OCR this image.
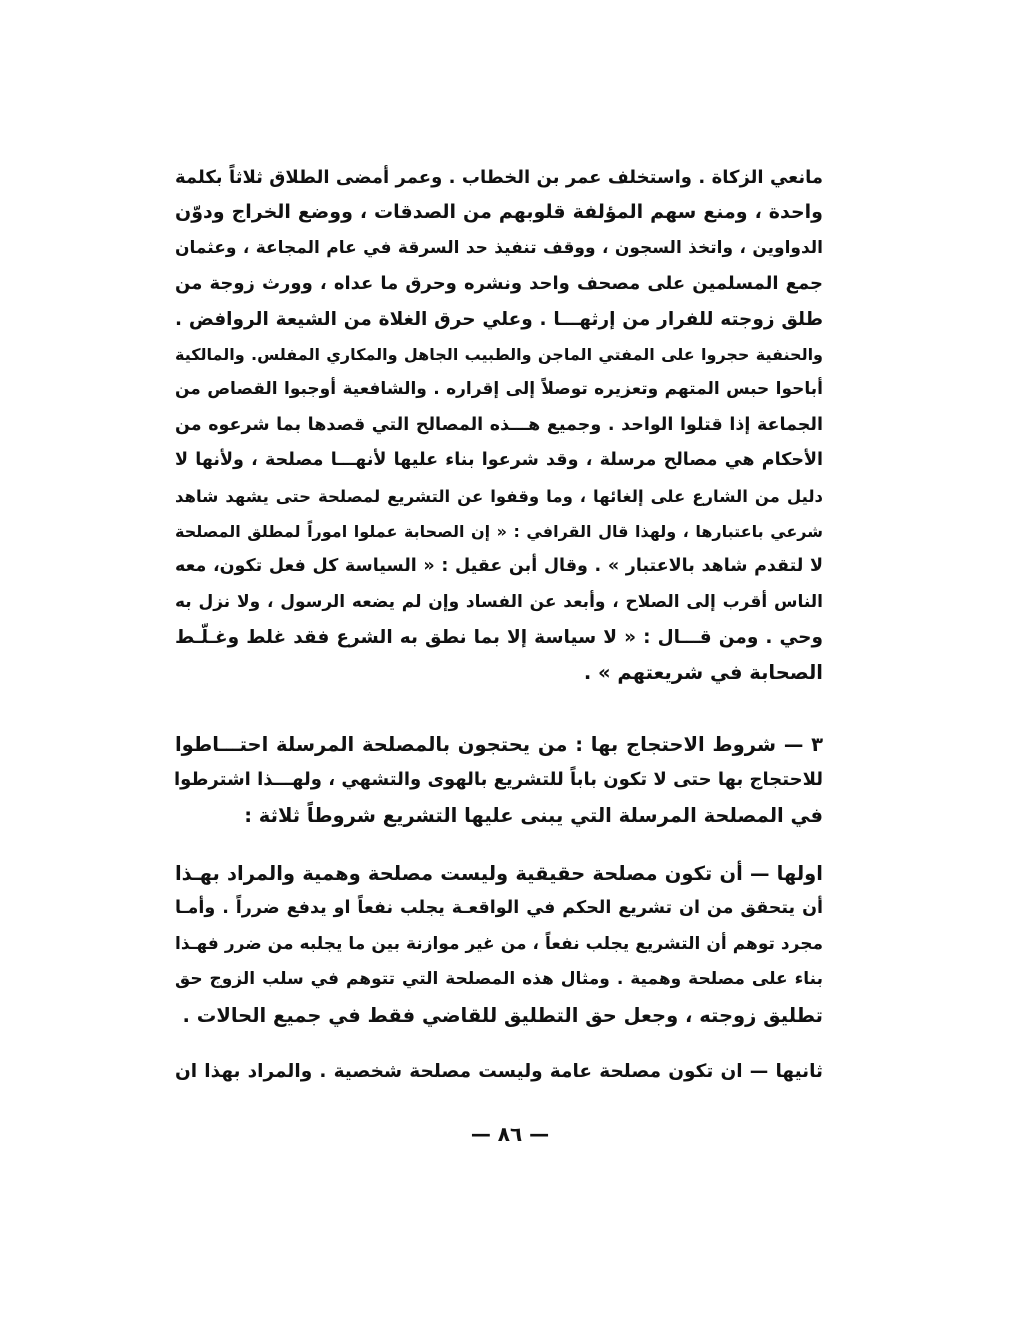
مانعي الزكاة . واستخلف عمر بن الخطاب . وعمر أمضى الطلاق ثلاثاً بكلمة
واحدة ، ومنع سهم المؤلفة قلوبهم من الصدقات ، ووضع الخراج ودوّن
الدواوين ، واتخذ السجون ، ووقف تنفيذ حد السرقة في عام المجاعة ، وعثمان
جمع المسلمين على مصحف واحد ونشره وحرق ما عداه ، وورث زوجة من
طلق زوجته للفرار من إرثهـــا . وعلي حرق الغلاة من الشيعة الروافض .
والحنفية حجروا على المفتي الماجن والطبيب الجاهل والمكاري المفلس. والمالكية
أباحوا حبس المتهم وتعزيره توصلاً إلى إقراره . والشافعية أوجبوا القصاص من
الجماعة إذا قتلوا الواحد . وجميع هـــذه المصالح التي قصدها بما شرعوه من
الأحكام هي مصالح مرسلة ، وقد شرعوا بناء عليها لأنهـــا مصلحة ، ولأنها لا
دليل من الشارع على إلغائها ، وما وقفوا عن التشريع لمصلحة حتى يشهد شاهد
شرعي باعتبارها ، ولهذا قال القرافي : « إن الصحابة عملوا اموراً لمطلق المصلحة
لا لتقدم شاهد بالاعتبار » . وقال أبن عقيل : « السياسة كل فعل تكون، معه
الناس أقرب إلى الصلاح ، وأبعد عن الفساد وإن لم يضعه الرسول ، ولا نزل به
وحي . ومن قـــال : « لا سياسة إلا بما نطق به الشرع فقد غلط وغـلّـط
الصحابة في شريعتهم » .
٣ — شروط الاحتجاج بها : من يحتجون بالمصلحة المرسلة احتـــاطوا
للاحتجاج بها حتى لا تكون باباً للتشريع بالهوى والتشهي ، ولهـــذا اشترطوا
في المصلحة المرسلة التي يبنى عليها التشريع شروطاً ثلاثة :
اولها — أن تكون مصلحة حقيقية وليست مصلحة وهمية والمراد بهـذا
أن يتحقق من ان تشريع الحكم في الواقعـة يجلب نفعاً او يدفع ضرراً . وأمـا
مجرد توهم أن التشريع يجلب نفعاً ، من غير موازنة بين ما يجلبه من ضرر فهـذا
بناء على مصلحة وهمية . ومثال هذه المصلحة التي تتوهم في سلب الزوج حق
تطليق زوجته ، وجعل حق التطليق للقاضي فقط في جميع الحالات .
ثانيها — ان تكون مصلحة عامة وليست مصلحة شخصية . والمراد بهذا ان
— ٨٦ —
